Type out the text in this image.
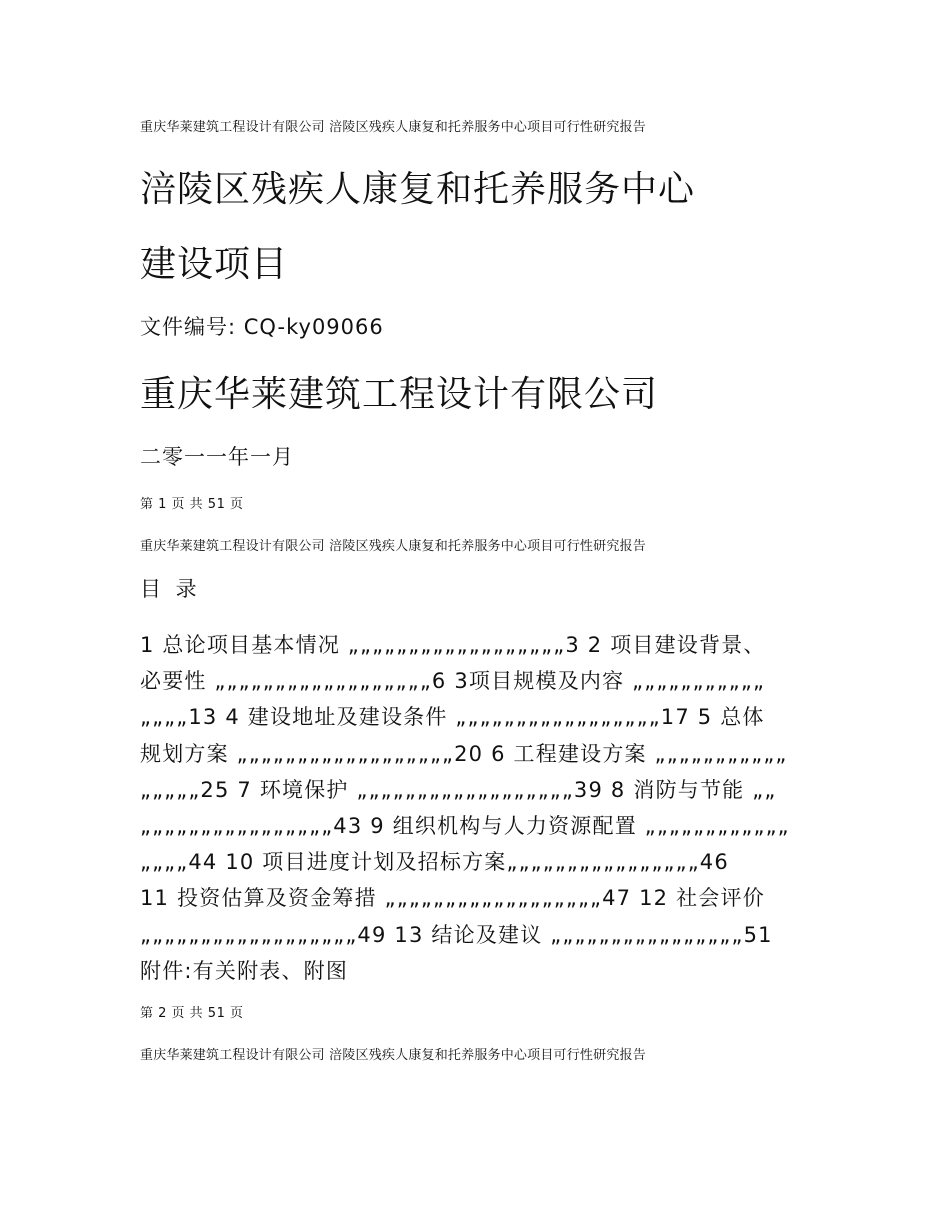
重庆华莱建筑工程设计有限公司 涪陵区残疾人康复和托养服务中心项目可行性研究报告
涪陵区残疾人康复和托养服务中心
建设项目
文件编号: CQ-ky09066
重庆华莱建筑工程设计有限公司
二零一一年一月
第 1 页 共 51 页
重庆华莱建筑工程设计有限公司 涪陵区残疾人康复和托养服务中心项目可行性研究报告
目 录
1 总论项目基本情况 „„„„„„„„„„„„„„„„„„3 2 项目建设背景、
必要性 „„„„„„„„„„„„„„„„„„6 3项目规模及内容 „„„„„„„„„„„
„„„„13 4 建设地址及建设条件 „„„„„„„„„„„„„„„„„17 5 总体
规划方案 „„„„„„„„„„„„„„„„„„20 6 工程建设方案 „„„„„„„„„„„
„„„„„25 7 环境保护 „„„„„„„„„„„„„„„„„„39 8 消防与节能 „„
„„„„„„„„„„„„„„„„43 9 组织机构与人力资源配置 „„„„„„„„„„„„
„„„„44 10 项目进度计划及招标方案„„„„„„„„„„„„„„„„46
11 投资估算及资金筹措 „„„„„„„„„„„„„„„„„„47 12 社会评价
„„„„„„„„„„„„„„„„„„49 13 结论及建议 „„„„„„„„„„„„„„„„51
附件:有关附表、附图
第 2 页 共 51 页
重庆华莱建筑工程设计有限公司 涪陵区残疾人康复和托养服务中心项目可行性研究报告
